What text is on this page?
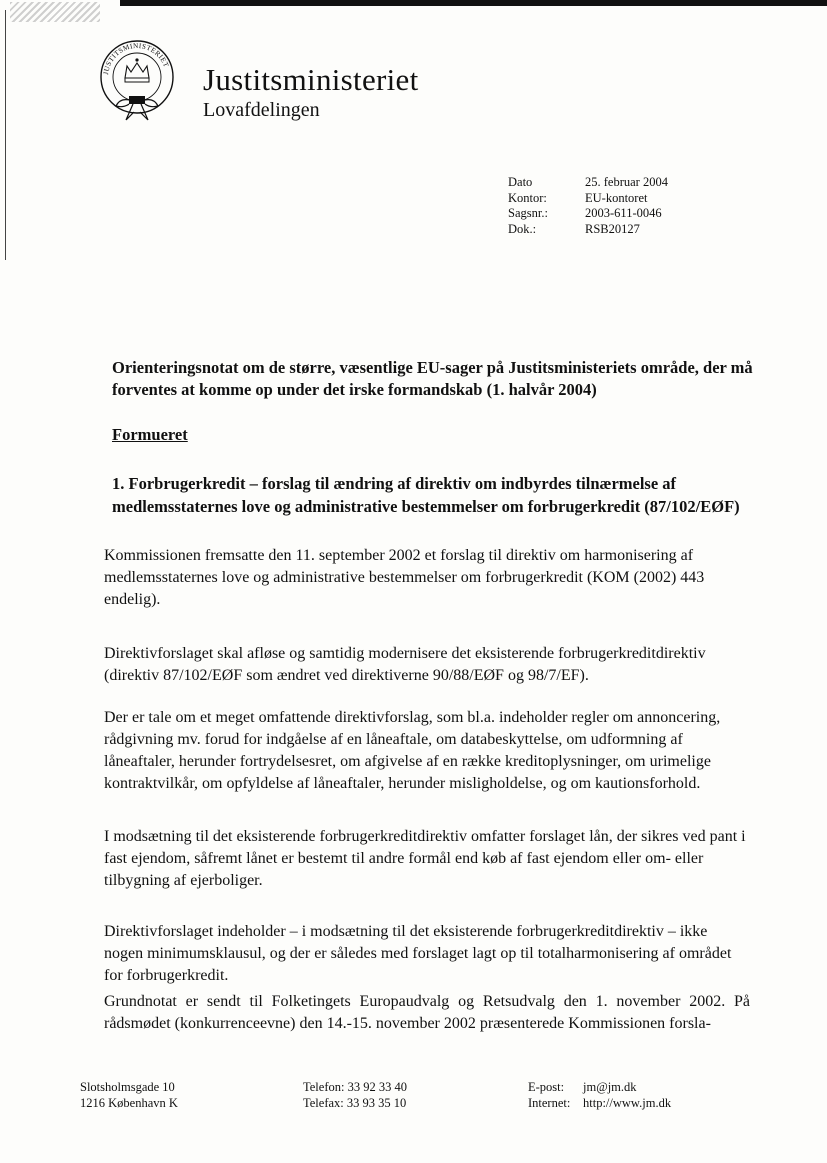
JUSTITSMINISTERIET Justitsministeriet
Lovafdelingen
Dato	25. februar 2004
Kontor:	EU-kontoret
Sagsnr.:	2003-611-0046
Dok.:	RSB20127
Orienteringsnotat om de større, væsentlige EU-sager på Justitsministeriets område, der må forventes at komme op under det irske formandskab (1. halvår 2004)
Formueret
1. Forbrugerkredit – forslag til ændring af direktiv om indbyrdes tilnærmelse af medlemsstaternes love og administrative bestemmelser om forbrugerkredit (87/102/EØF)
Kommissionen fremsatte den 11. september 2002 et forslag til direktiv om harmonisering af medlemsstaternes love og administrative bestemmelser om forbrugerkredit (KOM (2002) 443 endelig).
Direktivforslaget skal afløse og samtidig modernisere det eksisterende forbrugerkreditdirektiv (direktiv 87/102/EØF som ændret ved direktiverne 90/88/EØF og 98/7/EF).
Der er tale om et meget omfattende direktivforslag, som bl.a. indeholder regler om annoncering, rådgivning mv. forud for indgåelse af en låneaftale, om databeskyttelse, om udformning af låneaftaler, herunder fortrydelsesret, om afgivelse af en række kreditoplysninger, om urimelige kontraktvilkår, om opfyldelse af låneaftaler, herunder misligholdelse, og om kautionsforhold.
I modsætning til det eksisterende forbrugerkreditdirektiv omfatter forslaget lån, der sikres ved pant i fast ejendom, såfremt lånet er bestemt til andre formål end køb af fast ejendom eller om- eller tilbygning af ejerboliger.
Direktivforslaget indeholder – i modsætning til det eksisterende forbrugerkreditdirektiv – ikke nogen minimumsklausul, og der er således med forslaget lagt op til totalharmonisering af området for forbrugerkredit.
Grundnotat er sendt til Folketingets Europaudvalg og Retsudvalg den 1. november 2002. På rådsmødet (konkurrenceevne) den 14.-15. november 2002 præsenterede Kommissionen forsla-
Slotsholmsgade 10
1216 København K
Telefon: 33 92 33 40
Telefax: 33 93 35 10
E-post:	jm@jm.dk
Internet:	http://www.jm.dk
